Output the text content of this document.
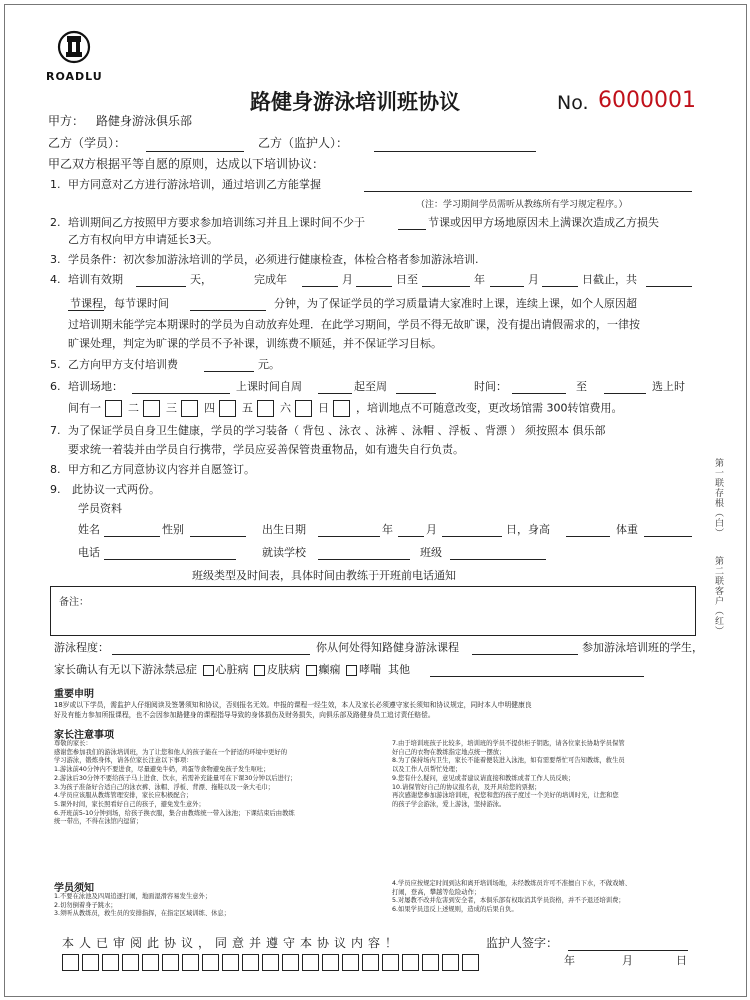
ROADLU
路健身游泳培训班协议	No. 6000001
甲方： 路健身游泳俱乐部
乙方（学员）：	乙方（监护人）：
甲乙双方根据平等自愿的原则，达成以下培训协议：
1. 甲方同意对乙方进行游泳培训，通过培训乙方能掌握
（注：学习期间学员需听从教练所有学习规定程序。）
2. 培训期间乙方按照甲方要求参加培训练习并且上课时间不少于	节课或因甲方场地原因未上满课次造成乙方损失
乙方有权向甲方申请延长3天。
3. 学员条件：初次参加游泳培训的学员，必须进行健康检查，体检合格者参加游泳培训.
4. 培训有效期	天，	完成年	月	日至	年	月	日截止，共
节课程，每节课时间	分钟，为了保证学员的学习质量请大家准时上课，连续上课，如个人原因超
过培训期未能学完本期课时的学员为自动放弃处理．在此学习期间，学员不得无故旷课，没有提出请假需求的，一律按
旷课处理，判定为旷课的学员不予补课，训练费不顺延，并不保证学习目标。
5. 乙方向甲方支付培训费	元。
6. 培训场地：	上课时间自周	起至周	时间：	至	选上时
间有一 二 三 四 五 六 日 ，培训地点不可随意改变，更改场馆需 300转馆费用。
7. 为了保证学员自身卫生健康，学员的学习装备（ 背包 、泳衣 、泳裤 、泳帽 、浮板 、背漂 ） 须按照本 俱乐部
要求统一着装并由学员自行携带，学员应妥善保管贵重物品，如有遗失自行负责。
8. 甲方和乙方同意协议内容并自愿签订。
9. 此协议一式两份。	第一联存根（白）
第二联客户（红）
学员资料
姓名	性别	出生日期	年	月	日，身高	体重
电话	就读学校	班级
班级类型及时间表，具体时间由教练于开班前电话通知
备注：
游泳程度：	你从何处得知路健身游泳课程	参加游泳培训班的学生，
家长确认有无以下游泳禁忌症 心脏病 皮肤病 癫痫 哮喘 其他
重要申明
18岁或以下学员，需监护人仔细阅读及签署须知和协议，否则报名无效。申报的课程一经生效，本人及家长必须遵守家长须知和协议规定，同时本人申明健康良
好及有能力参加所报课程，也不会因参加路健身的课程指导导致的身体损伤及财务损失，向俱乐部及路健身员工追讨责任赔偿。
家长注意事项
尊敬的家长：
感谢您参加我们的游泳培训班，为了让您和他人的孩子能在一个舒适的环境中更好的
学习游泳，锻炼身体，请各位家长注意以下事项：
1.游泳前40分钟内不要进食，尽量避免牛奶，鸡蛋等食物避免孩子发生呕吐；
2.游泳后30分钟不要给孩子马上进食、饮水，若需补充能量可在下课30分钟以后进行；
3.为孩子准备好合适自己的泳衣裤、泳帽、浮板、背漂、拖鞋以及一条大毛巾；
4.学员应该服从教练管理安排，家长应积极配合；
5.课外时间，家长照看好自己的孩子，避免发生意外；
6.开班前5-10分钟到场，给孩子换衣服，集合由教练统一带入泳池；下课结束后由教练
统一带出，不得在泳馆内逗留；
7.由于培训班孩子比较多，培训班的学员不提供柜子钥匙，请各位家长协助学员保管
好自己的衣物在教练指定地点统一摆放；
8.为了保持场内卫生，家长不能着便装进入泳池，如有需要帮忙可告知教练，救生员
以及工作人员帮忙处理；
9.您有什么疑问，意见或者建议请直接和教练或者工作人员反映；
10.请保管好自己的协议报名表，及开具给您的票据；
再次感谢您参加游泳培训班，祝您和您的孩子度过一个美好的培训时光，让您和您
的孩子学会游泳，爱上游泳，坚持游泳。
学员须知
1.不要在泳池及四周追逐打闹，地面湿滑容易发生意外；
2.切勿倒着身子跳水；
3.须听从教练员，救生员的安排指挥，在指定区域训练、休息；
4.学员应按规定时间到达和离开培训场地，未经教练员许可不准擅自下水，不做戏嬉、
打闹，登高，攀越等危险动作；
5.对屡教不改并危害到安全者，本俱乐部有权取消其学员资格，并不予退还培训费；
6.如果学员违反上述规则，造成的后果自负。
本人已审阅此协议，同意并遵守本协议内容！	监护人签字：
年	月	日
